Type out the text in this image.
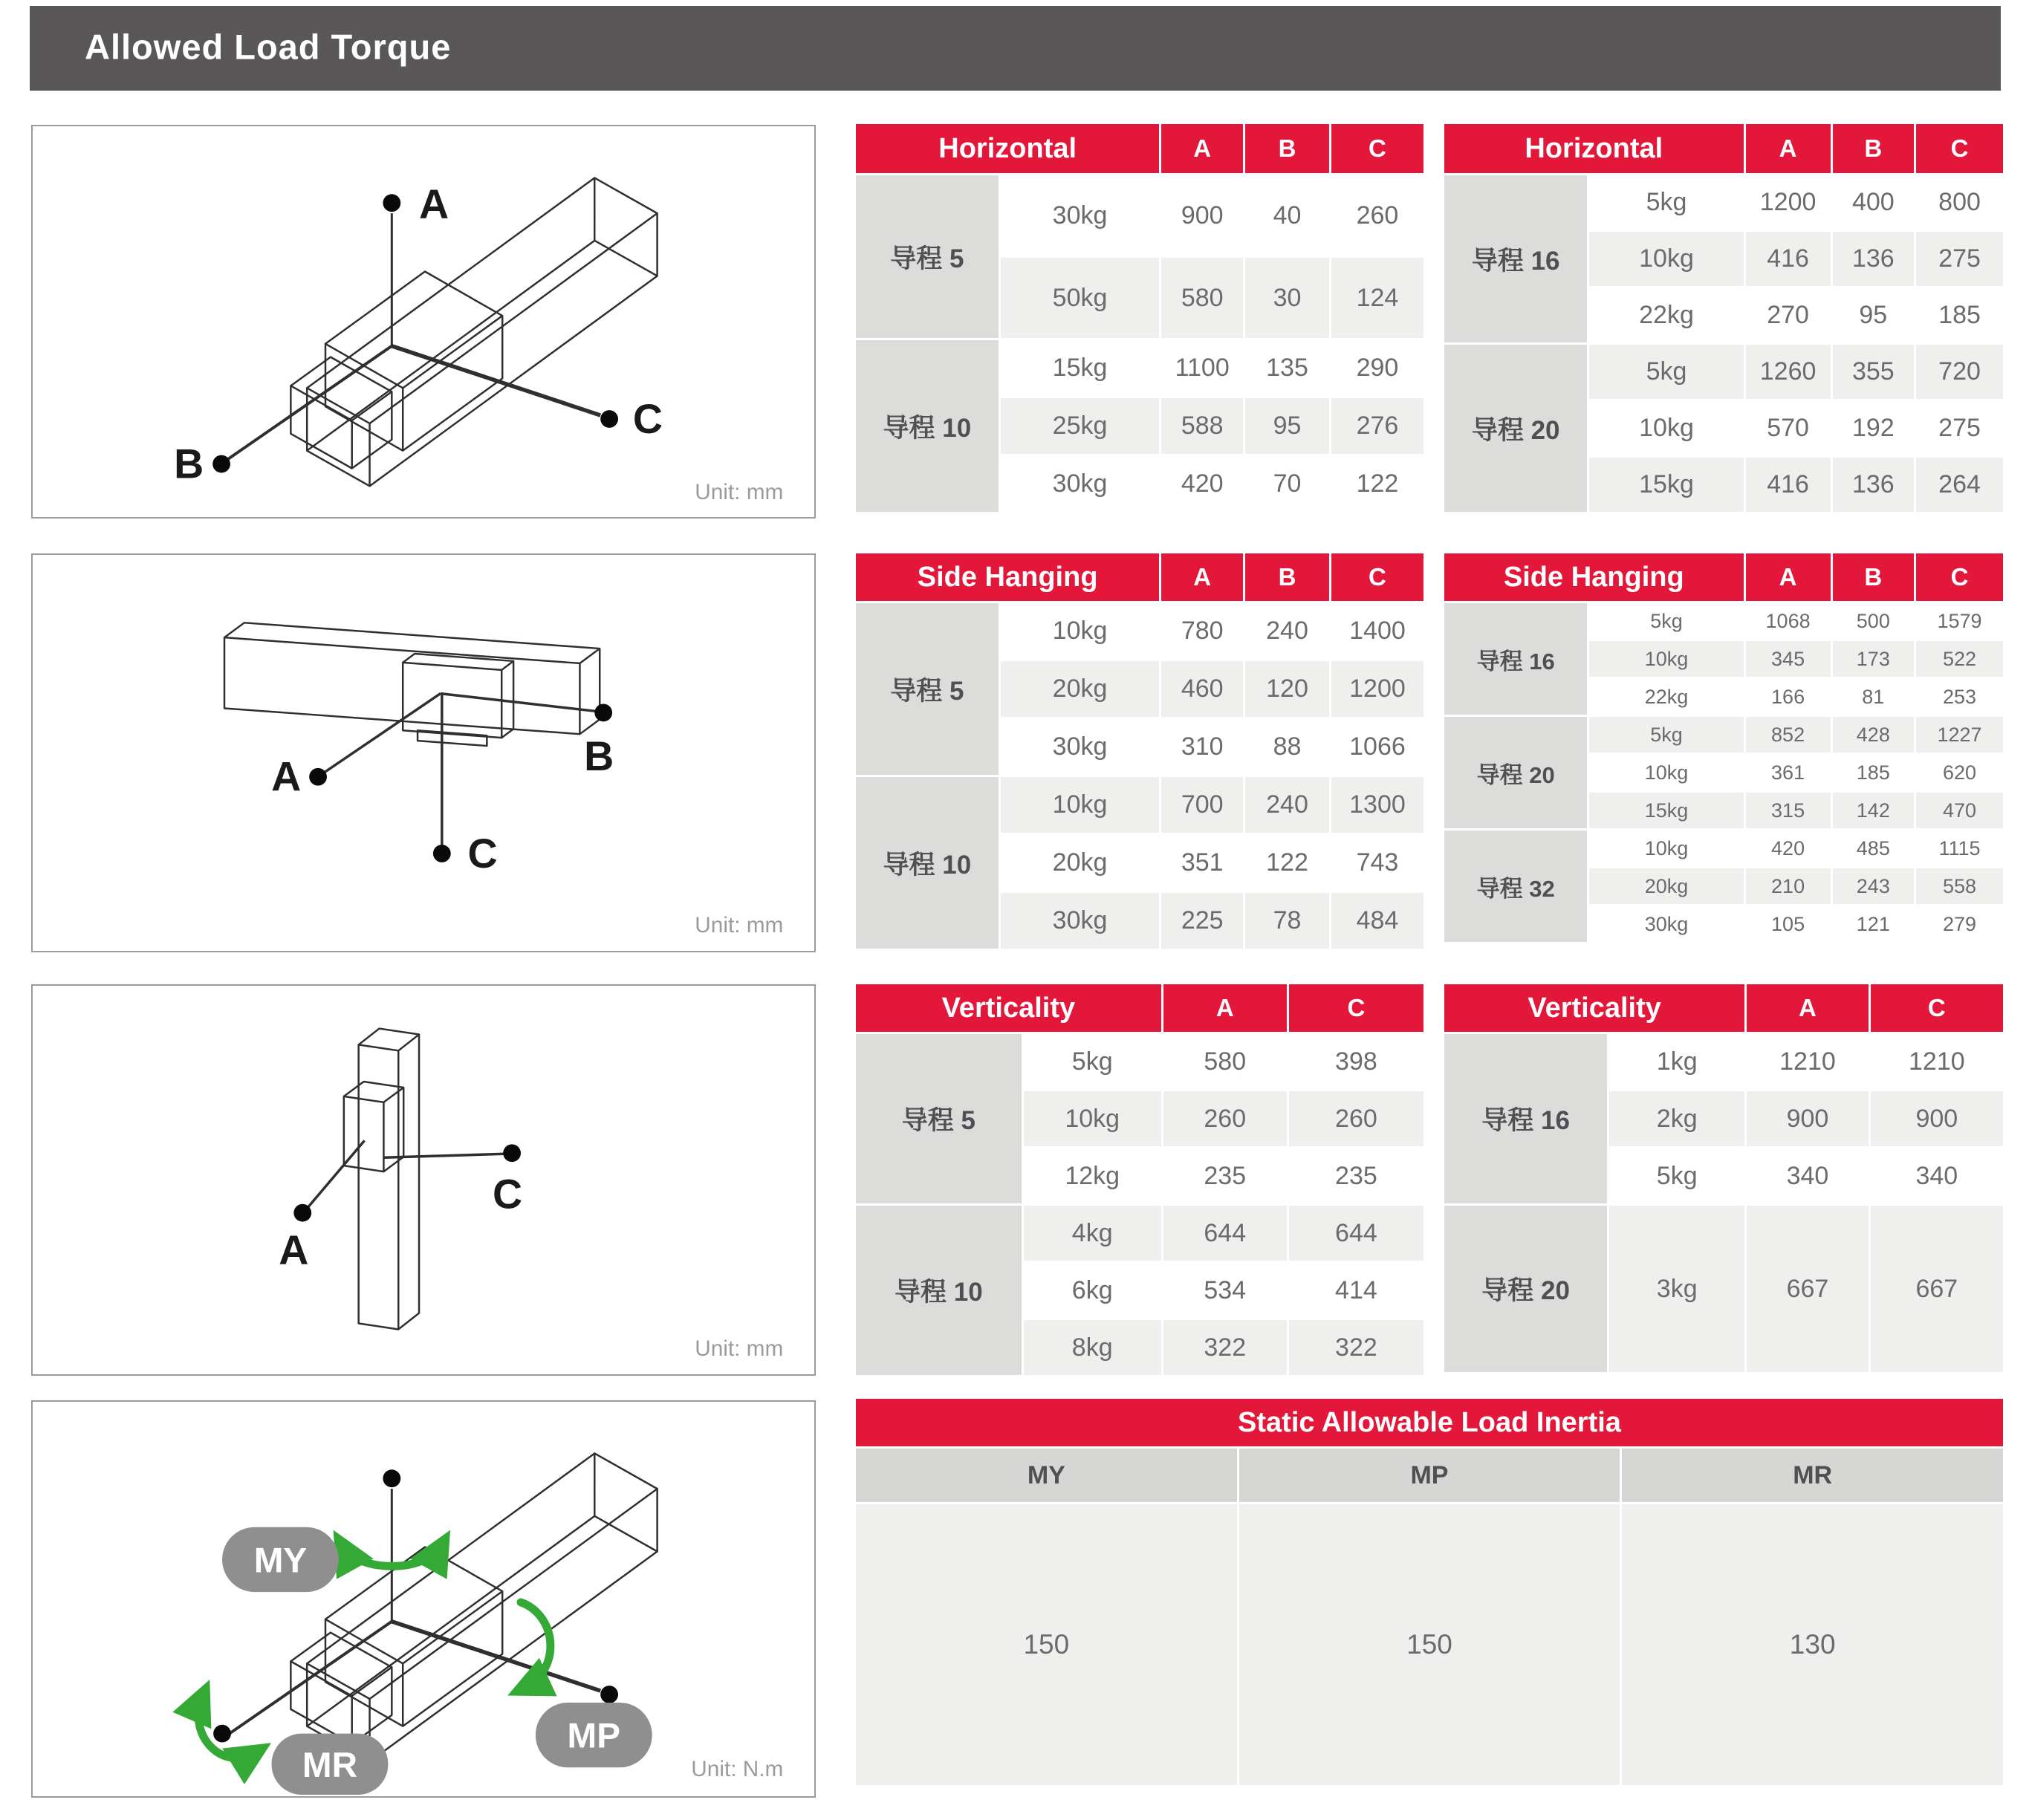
Allowed Load Torque
A
B
C
Unit: mm
A	B
C
Unit: mm
A
C
Unit: mm
MY
MP
MR	Unit: N.m
Horizontal	A	B	C
导程 5
30kg	900	40	260
50kg	580	30	124
导程 10
15kg	1100	135	290
25kg	588	95	276
30kg	420	70	122
Horizontal	A	B	C
导程 16
5kg	1200	400	800
10kg	416	136	275
22kg	270	95	185
导程 20
5kg	1260	355	720
10kg	570	192	275
15kg	416	136	264
Side Hanging	A	B	C
导程 5
10kg	780	240	1400
20kg	460	120	1200
30kg	310	88	1066
导程 10
10kg	700	240	1300
20kg	351	122	743
30kg	225	78	484
Side Hanging	A	B	C
导程 16
5kg	1068	500	1579
10kg	345	173	522
22kg	166	81	253
导程 20
5kg	852	428	1227
10kg	361	185	620
15kg	315	142	470
导程 32
10kg	420	485	1115
20kg	210	243	558
30kg	105	121	279
Verticality	A	C
导程 5
5kg	580	398
10kg	260	260
12kg	235	235
导程 10
4kg	644	644
6kg	534	414
8kg	322	322
Verticality	A	C
导程 16
1kg	1210	1210
2kg	900	900
5kg	340	340
导程 20	3kg	667	667
Static Allowable Load Inertia
MY	MP	MR
150	150	130
